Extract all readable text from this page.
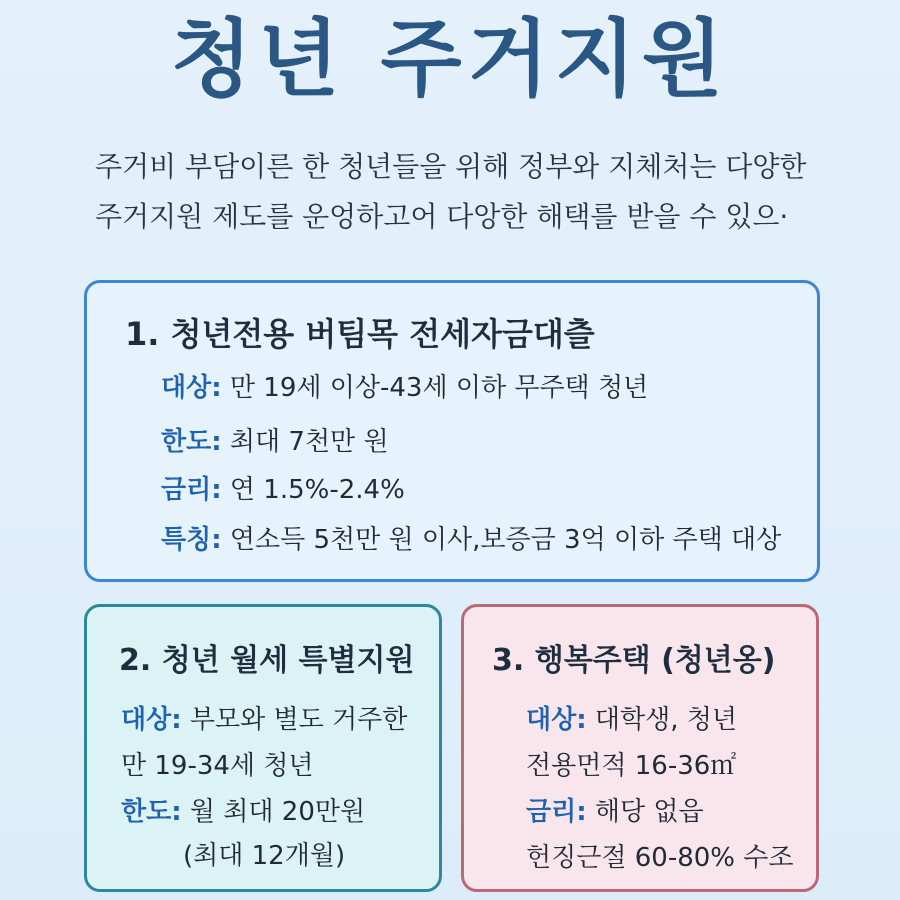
청년 주거지원
주거비 부담이른 한 청년들을 위해 정부와 지체처는 다양한
주거지원 제도를 운엉하고어 다앙한 해택를 받을 수 있으·
1. 청년전용 버팀목 전세자금대츨
대상: 만 19세 이상-43세 이하 무주택 청년
한도: 최대 7천만 원
금리: 연 1.5%-2.4%
특칭: 연소득 5천만 원 이사,보증금 3억 이하 주택 대상
2. 청년 월세 특별지원
대상: 부모와 별도 거주한
만 19-34세 청년
한도: 월 최대 20만원
(최대 12개월)
3. 행복주택 (청년옹)
대상: 대학생, 청년
전용먼적 16-36㎡
금리: 해당 없읍
헌징근절 60-80% 수조
